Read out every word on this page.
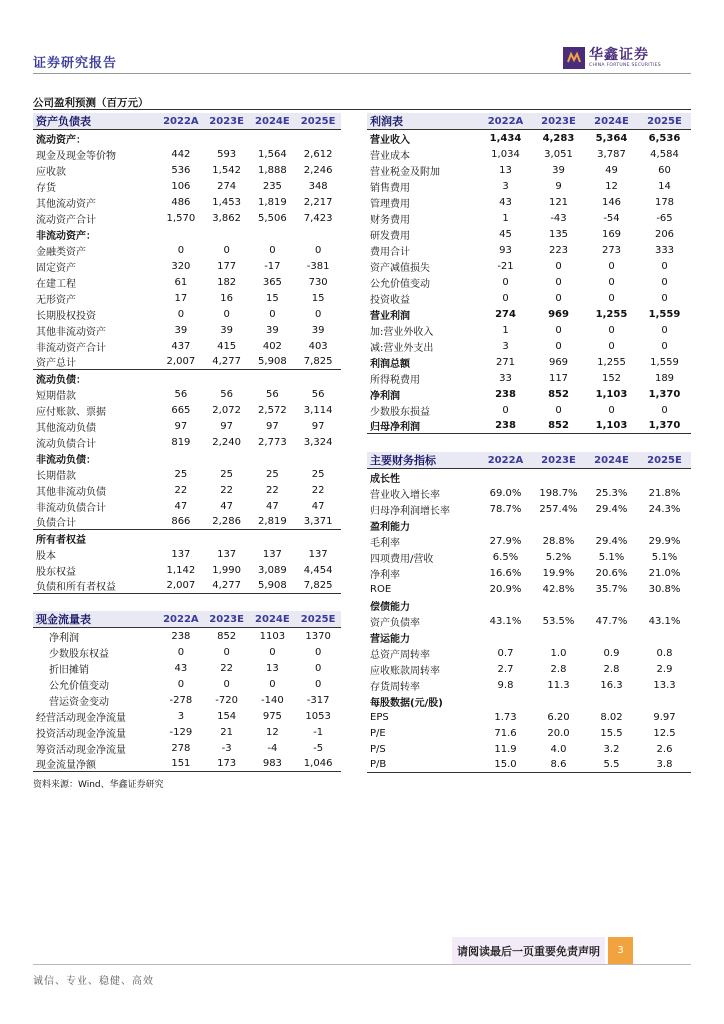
证券研究报告
华鑫证券
CHINA FORTUNE SECURITIES
公司盈利预测（百万元）
资产负债表	2022A	2023E	2024E	2025E
流动资产：
现金及现金等价物	442	593	1,564	2,612
应收款	536	1,542	1,888	2,246
存货	106	274	235	348
其他流动资产	486	1,453	1,819	2,217
流动资产合计	1,570	3,862	5,506	7,423
非流动资产：
金融类资产	0	0	0	0
固定资产	320	177	-17	-381
在建工程	61	182	365	730
无形资产	17	16	15	15
长期股权投资	0	0	0	0
其他非流动资产	39	39	39	39
非流动资产合计	437	415	402	403
资产总计	2,007	4,277	5,908	7,825
流动负债：
短期借款	56	56	56	56
应付账款、票据	665	2,072	2,572	3,114
其他流动负债	97	97	97	97
流动负债合计	819	2,240	2,773	3,324
非流动负债：
长期借款	25	25	25	25
其他非流动负债	22	22	22	22
非流动负债合计	47	47	47	47
负债合计	866	2,286	2,819	3,371
所有者权益
股本	137	137	137	137
股东权益	1,142	1,990	3,089	4,454
负债和所有者权益	2,007	4,277	5,908	7,825
利润表	2022A	2023E	2024E	2025E
营业收入	1,434	4,283	5,364	6,536
营业成本	1,034	3,051	3,787	4,584
营业税金及附加	13	39	49	60
销售费用	3	9	12	14
管理费用	43	121	146	178
财务费用	1	-43	-54	-65
研发费用	45	135	169	206
费用合计	93	223	273	333
资产减值损失	-21	0	0	0
公允价值变动	0	0	0	0
投资收益	0	0	0	0
营业利润	274	969	1,255	1,559
加:营业外收入	1	0	0	0
减:营业外支出	3	0	0	0
利润总额	271	969	1,255	1,559
所得税费用	33	117	152	189
净利润	238	852	1,103	1,370
少数股东损益	0	0	0	0
归母净利润	238	852	1,103	1,370
主要财务指标	2022A	2023E	2024E	2025E
成长性
营业收入增长率	69.0%	198.7%	25.3%	21.8%
归母净利润增长率	78.7%	257.4%	29.4%	24.3%
盈利能力
毛利率	27.9%	28.8%	29.4%	29.9%
四项费用/营收	6.5%	5.2%	5.1%	5.1%
净利率	16.6%	19.9%	20.6%	21.0%
ROE	20.9%	42.8%	35.7%	30.8%
偿债能力
资产负债率	43.1%	53.5%	47.7%	43.1%
营运能力
总资产周转率	0.7	1.0	0.9	0.8
应收账款周转率	2.7	2.8	2.8	2.9
存货周转率	9.8	11.3	16.3	13.3
每股数据(元/股)
EPS	1.73	6.20	8.02	9.97
P/E	71.6	20.0	15.5	12.5
P/S	11.9	4.0	3.2	2.6
P/B	15.0	8.6	5.5	3.8
现金流量表	2022A	2023E	2024E	2025E
净利润	238	852	1103	1370
少数股东权益	0	0	0	0
折旧摊销	43	22	13	0
公允价值变动	0	0	0	0
营运资金变动	-278	-720	-140	-317
经营活动现金净流量	3	154	975	1053
投资活动现金净流量	-129	21	12	-1
筹资活动现金净流量	278	-3	-4	-5
现金流量净额	151	173	983	1,046
资料来源：Wind、华鑫证券研究
请阅读最后一页重要免责声明	3
诚信、专业、稳健、高效
